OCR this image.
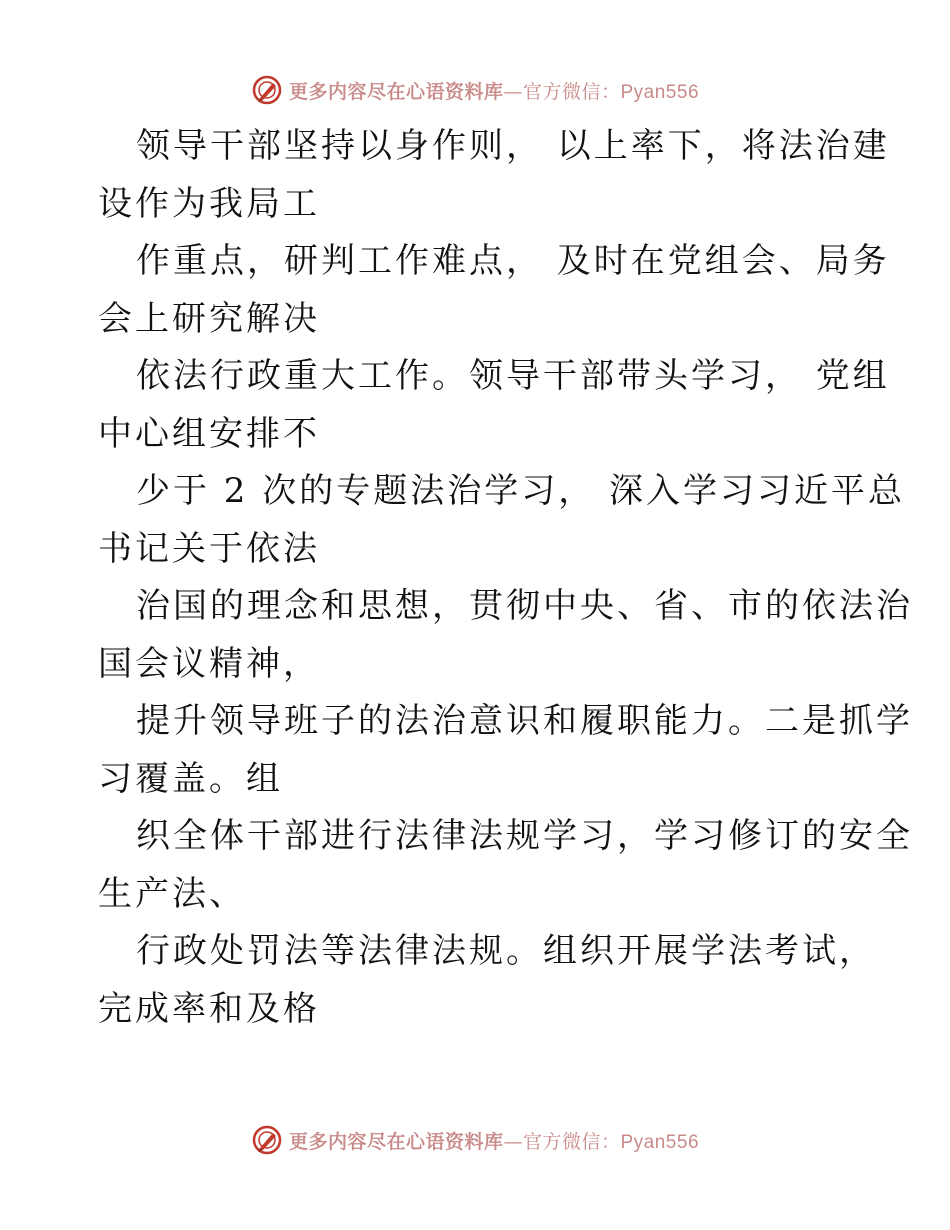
更多内容尽在心语资料库—官方微信：Pyan556

领导干部坚持以身作则， 以上率下，将法治建
设作为我局工

作重点，研判工作难点， 及时在党组会、局务
会上研究解决

依法行政重大工作。领导干部带头学习， 党组
中心组安排不

少于 2 次的专题法治学习， 深入学习习近平总
书记关于依法

治国的理念和思想，贯彻中央、省、市的依法治
国会议精神，

提升领导班子的法治意识和履职能力。二是抓学
习覆盖。组

织全体干部进行法律法规学习，学习修订的安全
生产法、

行政处罚法等法律法规。组织开展学法考试，
完成率和及格

更多内容尽在心语资料库—官方微信：Pyan556
